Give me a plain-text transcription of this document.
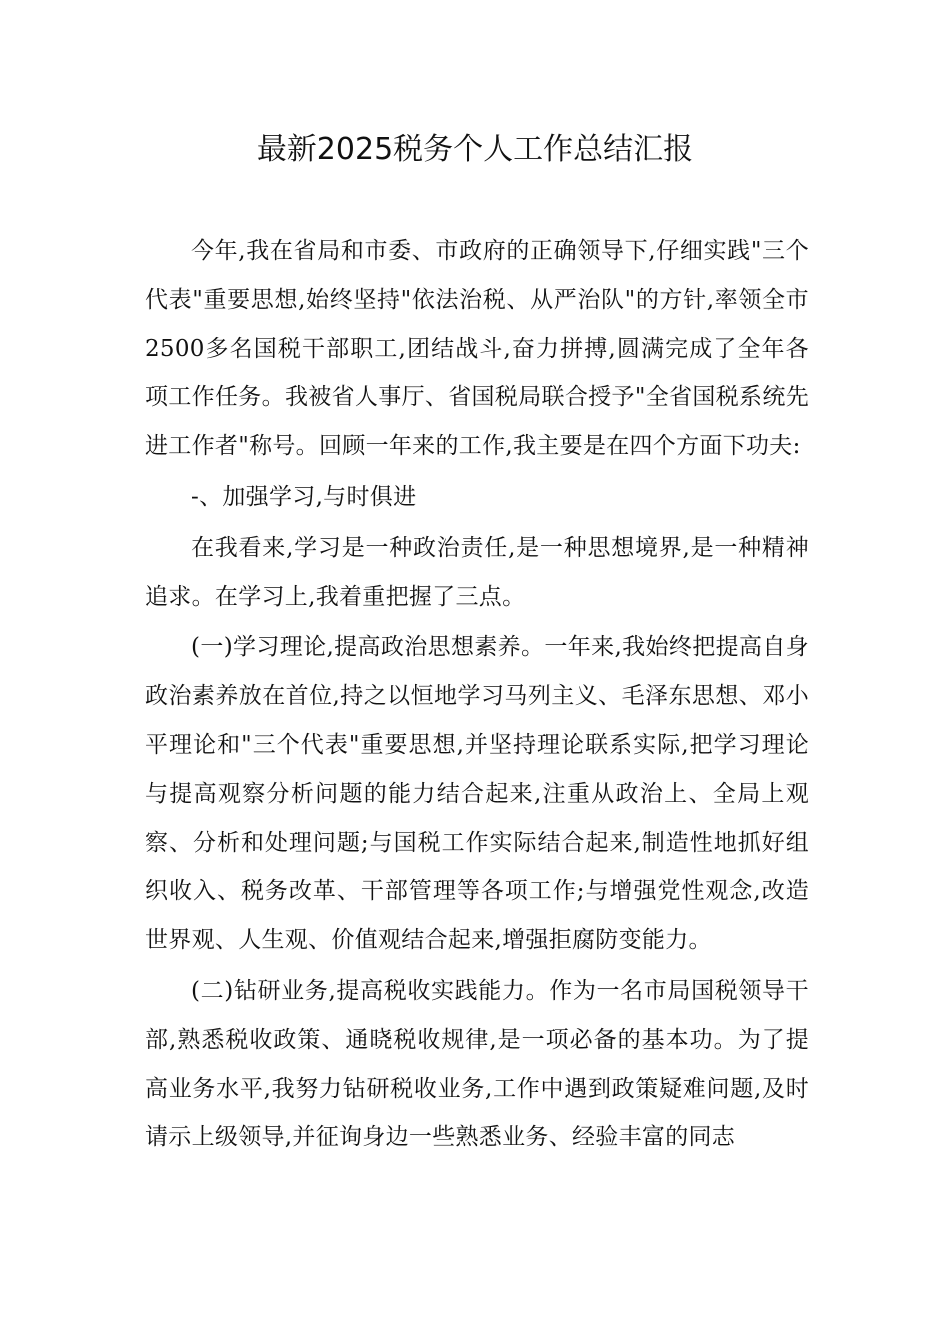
最新2025税务个人工作总结汇报

今年,我在省局和市委、市政府的正确领导下,仔细实践"三个代表"重要思想,始终坚持"依法治税、从严治队"的方针,率领全市2500多名国税干部职工,团结战斗,奋力拼搏,圆满完成了全年各项工作任务。我被省人事厅、省国税局联合授予"全省国税系统先进工作者"称号。回顾一年来的工作,我主要是在四个方面下功夫:

-、加强学习,与时俱进

在我看来,学习是一种政治责任,是一种思想境界,是一种精神追求。在学习上,我着重把握了三点。

(一)学习理论,提高政治思想素养。一年来,我始终把提高自身政治素养放在首位,持之以恒地学习马列主义、毛泽东思想、邓小平理论和"三个代表"重要思想,并坚持理论联系实际,把学习理论与提高观察分析问题的能力结合起来,注重从政治上、全局上观察、分析和处理问题;与国税工作实际结合起来,制造性地抓好组织收入、税务改革、干部管理等各项工作;与增强党性观念,改造世界观、人生观、价值观结合起来,增强拒腐防变能力。

(二)钻研业务,提高税收实践能力。作为一名市局国税领导干部,熟悉税收政策、通晓税收规律,是一项必备的基本功。为了提高业务水平,我努力钻研税收业务,工作中遇到政策疑难问题,及时请示上级领导,并征询身边一些熟悉业务、经验丰富的同志
